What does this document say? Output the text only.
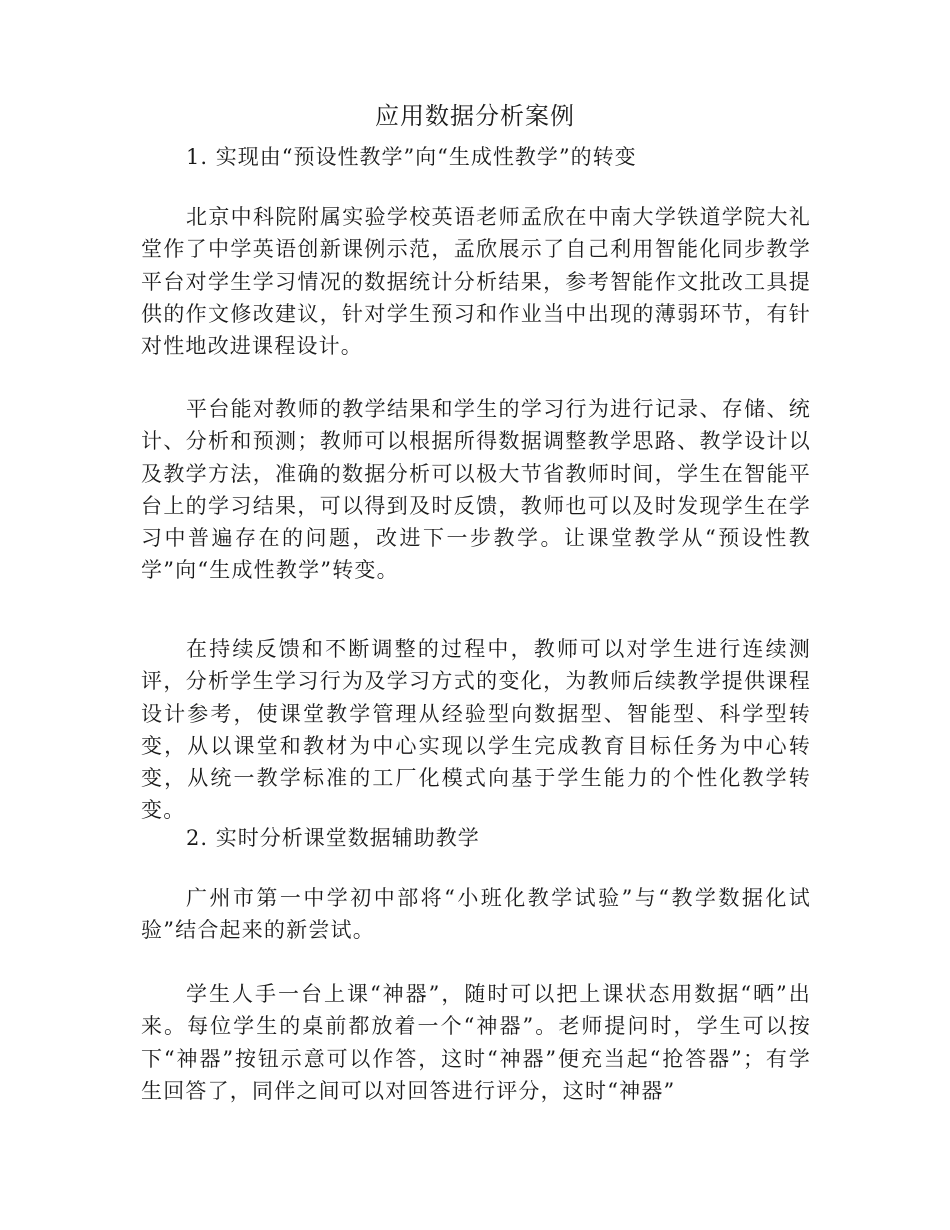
应用数据分析案例
1. 实现由“预设性教学”向“生成性教学”的转变

北京中科院附属实验学校英语老师孟欣在中南大学铁道学院大礼堂作了中学英语创新课例示范，孟欣展示了自己利用智能化同步教学平台对学生学习情况的数据统计分析结果，参考智能作文批改工具提供的作文修改建议，针对学生预习和作业当中出现的薄弱环节，有针对性地改进课程设计。

平台能对教师的教学结果和学生的学习行为进行记录、存储、统计、分析和预测；教师可以根据所得数据调整教学思路、教学设计以及教学方法，准确的数据分析可以极大节省教师时间，学生在智能平台上的学习结果，可以得到及时反馈，教师也可以及时发现学生在学习中普遍存在的问题，改进下一步教学。让课堂教学从“预设性教学”向“生成性教学”转变。

在持续反馈和不断调整的过程中，教师可以对学生进行连续测评，分析学生学习行为及学习方式的变化，为教师后续教学提供课程设计参考，使课堂教学管理从经验型向数据型、智能型、科学型转变，从以课堂和教材为中心实现以学生完成教育目标任务为中心转变，从统一教学标准的工厂化模式向基于学生能力的个性化教学转变。

2. 实时分析课堂数据辅助教学

广州市第一中学初中部将“小班化教学试验”与“教学数据化试验”结合起来的新尝试。

学生人手一台上课“神器”，随时可以把上课状态用数据“晒”出来。每位学生的桌前都放着一个“神器”。老师提问时，学生可以按下“神器”按钮示意可以作答，这时“神器”便充当起“抢答器”；有学生回答了，同伴之间可以对回答进行评分，这时“神器”
